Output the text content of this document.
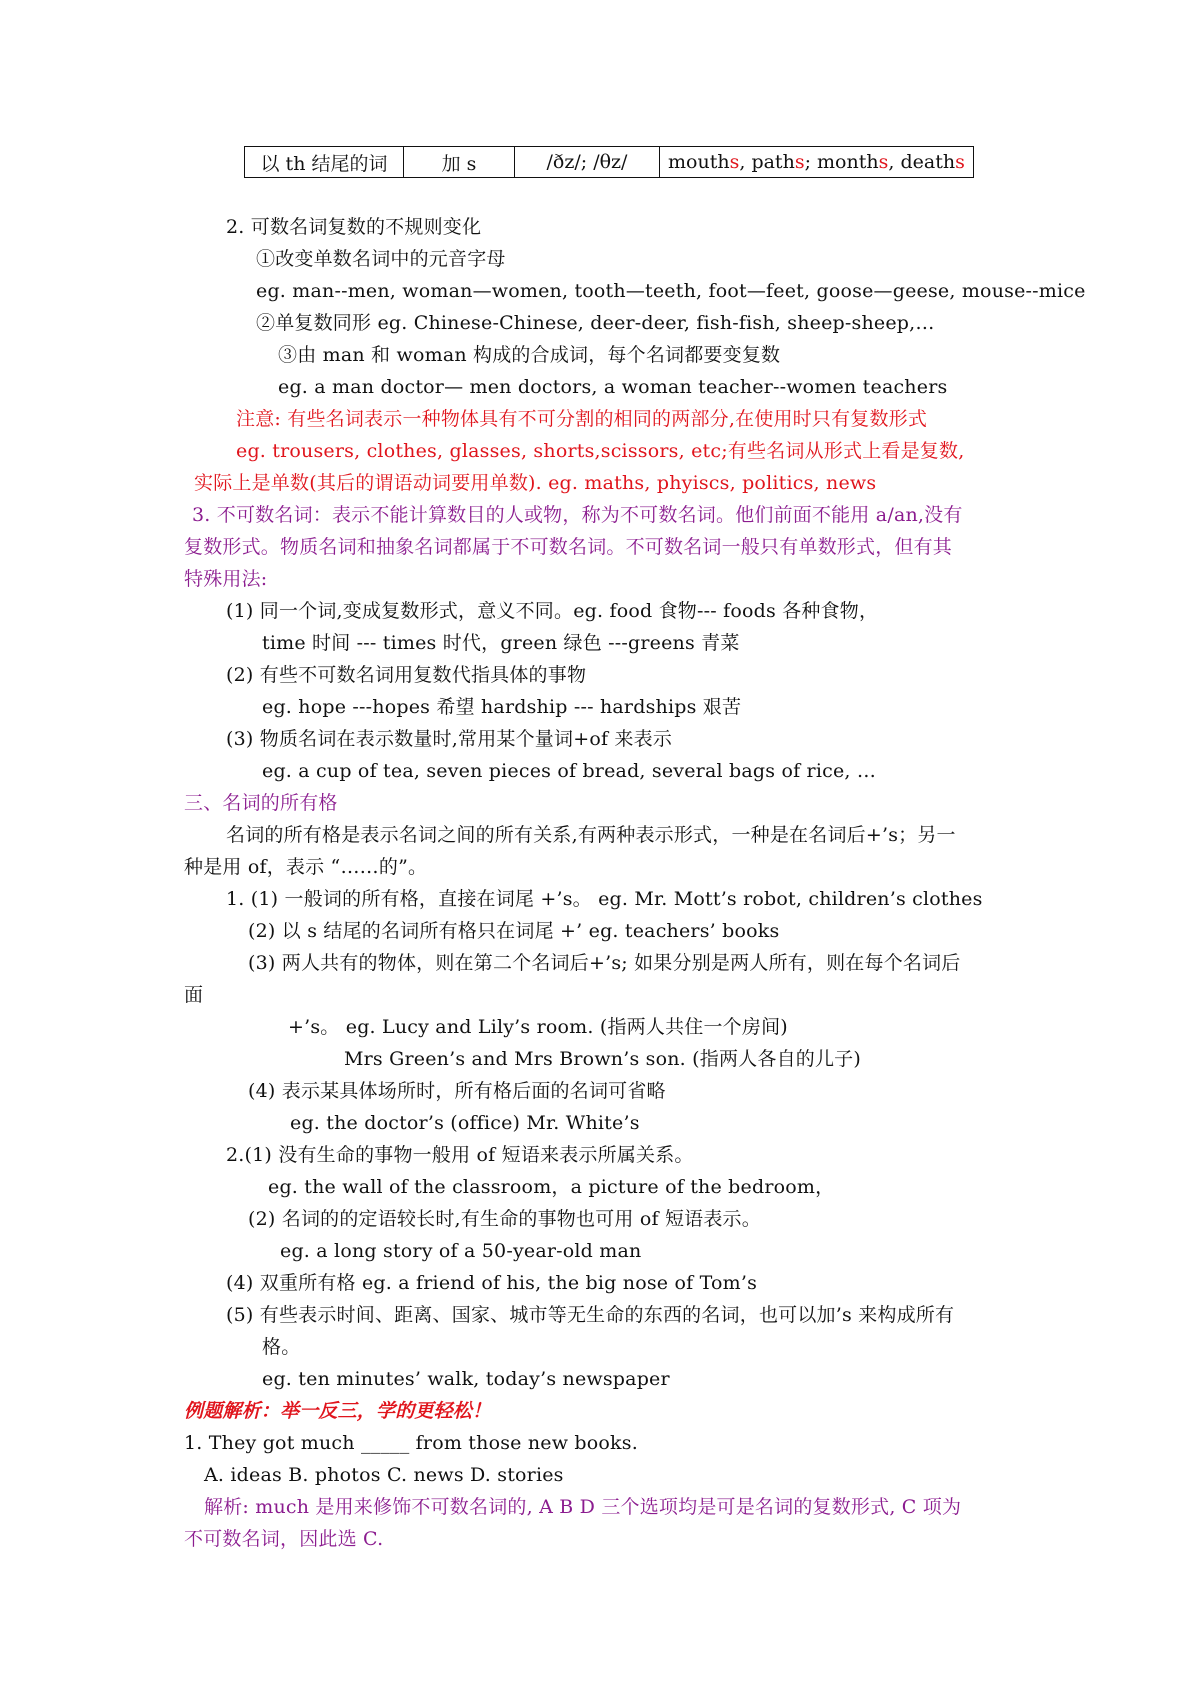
以 th 结尾的词	加 s	/ðz/; /θz/	mouths, paths; months, deaths
2. 可数名词复数的不规则变化
①改变单数名词中的元音字母
eg. man--men, woman—women, tooth—teeth, foot—feet, goose—geese, mouse--mice
②单复数同形 eg. Chinese-Chinese, deer-deer, fish-fish, sheep-sheep,…
③由 man 和 woman 构成的合成词，每个名词都要变复数
eg. a man doctor— men doctors, a woman teacher--women teachers
注意: 有些名词表示一种物体具有不可分割的相同的两部分,在使用时只有复数形式
eg. trousers, clothes, glasses, shorts,scissors, etc;有些名词从形式上看是复数,
实际上是单数(其后的谓语动词要用单数). eg. maths, phyiscs, politics, news
3. 不可数名词：表示不能计算数目的人或物，称为不可数名词。他们前面不能用 a/an,没有
复数形式。物质名词和抽象名词都属于不可数名词。不可数名词一般只有单数形式，但有其
特殊用法:
(1) 同一个词,变成复数形式，意义不同。eg. food 食物--- foods 各种食物，
time 时间 --- times 时代，green 绿色 ---greens 青菜
(2) 有些不可数名词用复数代指具体的事物
eg. hope ---hopes 希望 hardship --- hardships 艰苦
(3) 物质名词在表示数量时,常用某个量词+of 来表示
eg. a cup of tea, seven pieces of bread, several bags of rice, …
三、名词的所有格
名词的所有格是表示名词之间的所有关系,有两种表示形式，一种是在名词后+’s；另一
种是用 of，表示 “……的”。
1. (1) 一般词的所有格，直接在词尾 +’s。 eg. Mr. Mott’s robot, children’s clothes
(2) 以 s 结尾的名词所有格只在词尾 +’ eg. teachers’ books
(3) 两人共有的物体，则在第二个名词后+’s; 如果分别是两人所有，则在每个名词后
面
+’s。 eg. Lucy and Lily’s room. (指两人共住一个房间)
Mrs Green’s and Mrs Brown’s son. (指两人各自的儿子)
(4) 表示某具体场所时，所有格后面的名词可省略
eg. the doctor’s (office) Mr. White’s
2.(1) 没有生命的事物一般用 of 短语来表示所属关系。
eg. the wall of the classroom，a picture of the bedroom，
(2) 名词的的定语较长时,有生命的事物也可用 of 短语表示。
eg. a long story of a 50-year-old man
(4) 双重所有格 eg. a friend of his, the big nose of Tom’s
(5) 有些表示时间、距离、国家、城市等无生命的东西的名词，也可以加’s 来构成所有
格。
eg. ten minutes’ walk, today’s newspaper
例题解析：举一反三，学的更轻松！
1. They got much _____ from those new books.
A. ideas B. photos C. news D. stories
解析: much 是用来修饰不可数名词的, A B D 三个选项均是可是名词的复数形式, C 项为
不可数名词，因此选 C.
